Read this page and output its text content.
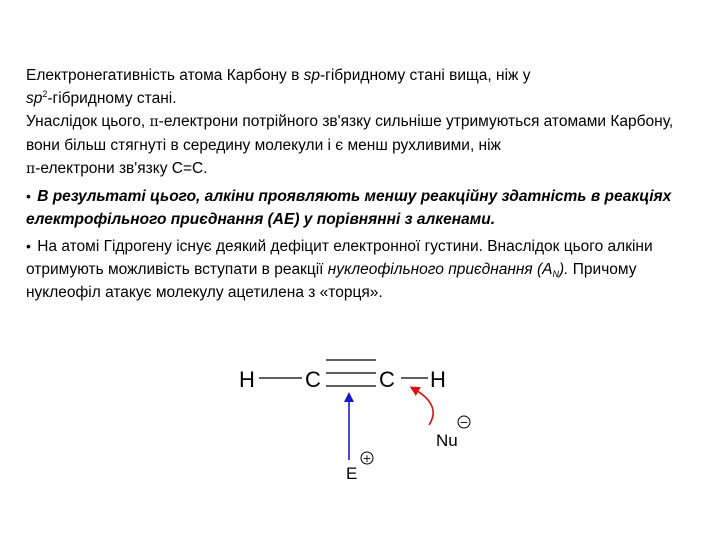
Електронегативність атома Карбону в sp-гібридному стані вища, ніж у
$sp^2$-гібридному стані.

Унаслідок цього, π-електрони потрійного зв'язку сильніше утримуються атомами Карбону, вони більш стягнуті в середину молекули і є менш рухливими, ніж
π-електрони зв'язку С=С.

• В результаті цього, алкіни проявляють меншу реакційну здатність в реакціях електрофільного приєднання (АЕ) у порівнянні з алкенами.

• На атомі Гідрогену існує деякий дефіцит електронної густини. Внаслідок цього алкіни отримують можливість вступати в реакції нуклеофільного приєднання $(А_N)$. Причому нуклеофіл атакує молекулу ацетилена з «торця».

H C	C H
Nu
−
E
+
